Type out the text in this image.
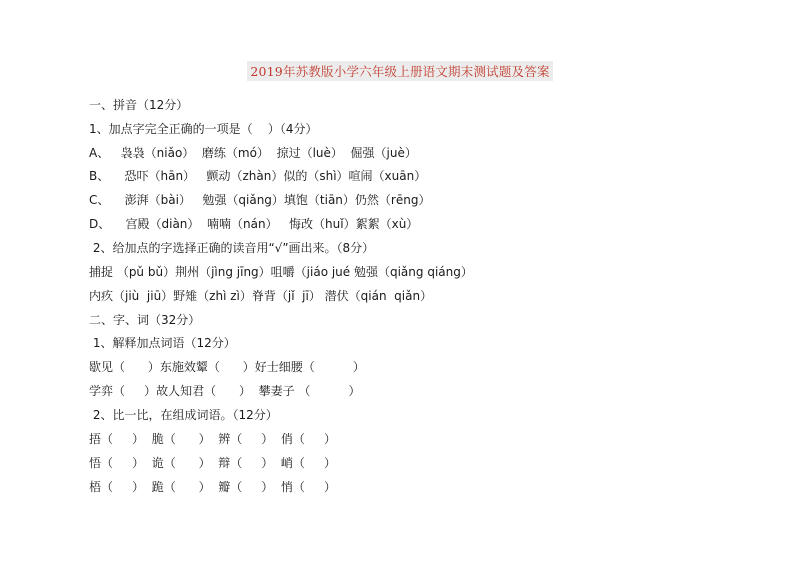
2019年苏教版小学六年级上册语文期末测试题及答案
一、拼音（12分）
1、加点字完全正确的一项是（    ）（4分）
A、   袅袅（niǎo）  磨练（mó）  掠过（luè）  倔强（juè）
B、    恐吓（hān）   颤动（zhàn）似的（shì）喧闹（xuān）
C、    澎湃（bài）   勉强（qiǎng）填饱（tiān）仍然（rēng）
D、    宫殿（diàn）  喃喃（nán）   悔改（huǐ）絮絮（xù）
2、给加点的字选择正确的读音用“√”画出来。（8分）
捕捉 （pǔ bǔ）荆州（jìng jīng）咀嚼（jiáo jué 勉强（qiǎng qiáng）
内疚（jiù  jiū）野雉（zhì zì）脊背（jǐ  jī） 潜伏（qián  qiǎn）
二、字、词（32分）
1、解释加点词语（12分）
歇见（      ）东施效颦（      ）好士细腰（          ）
学弈（     ）故人知君（      ）  攀妻子 （          ）
2、比一比，在组成词语。（12分）
捂（     ）  脆（      ）  辨（     ）  俏（     ）
悟（     ）  诡（      ）  辩（     ）  峭（     ）
梧（     ）  跪（      ）  瓣（     ）  悄（     ）
